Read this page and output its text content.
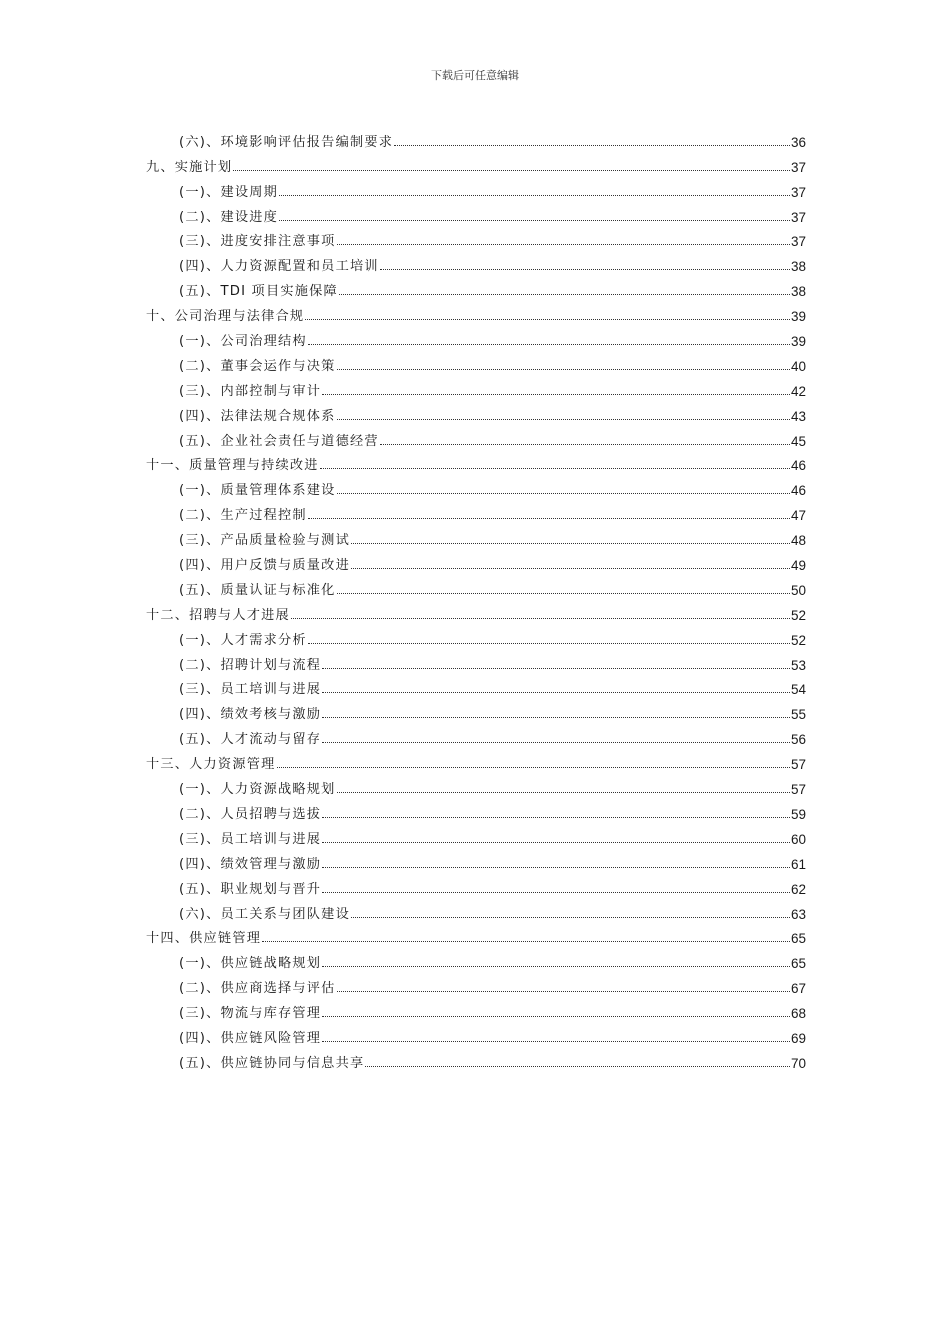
下载后可任意编辑
(六)、环境影响评估报告编制要求	36
九、实施计划	37
(一)、建设周期	37
(二)、建设进度	37
(三)、进度安排注意事项	37
(四)、人力资源配置和员工培训	38
(五)、TDI 项目实施保障	38
十、公司治理与法律合规	39
(一)、公司治理结构	39
(二)、董事会运作与决策	40
(三)、内部控制与审计	42
(四)、法律法规合规体系	43
(五)、企业社会责任与道德经营	45
十一、质量管理与持续改进	46
(一)、质量管理体系建设	46
(二)、生产过程控制	47
(三)、产品质量检验与测试	48
(四)、用户反馈与质量改进	49
(五)、质量认证与标准化	50
十二、招聘与人才进展	52
(一)、人才需求分析	52
(二)、招聘计划与流程	53
(三)、员工培训与进展	54
(四)、绩效考核与激励	55
(五)、人才流动与留存	56
十三、人力资源管理	57
(一)、人力资源战略规划	57
(二)、人员招聘与选拔	59
(三)、员工培训与进展	60
(四)、绩效管理与激励	61
(五)、职业规划与晋升	62
(六)、员工关系与团队建设	63
十四、供应链管理	65
(一)、供应链战略规划	65
(二)、供应商选择与评估	67
(三)、物流与库存管理	68
(四)、供应链风险管理	69
(五)、供应链协同与信息共享	70
